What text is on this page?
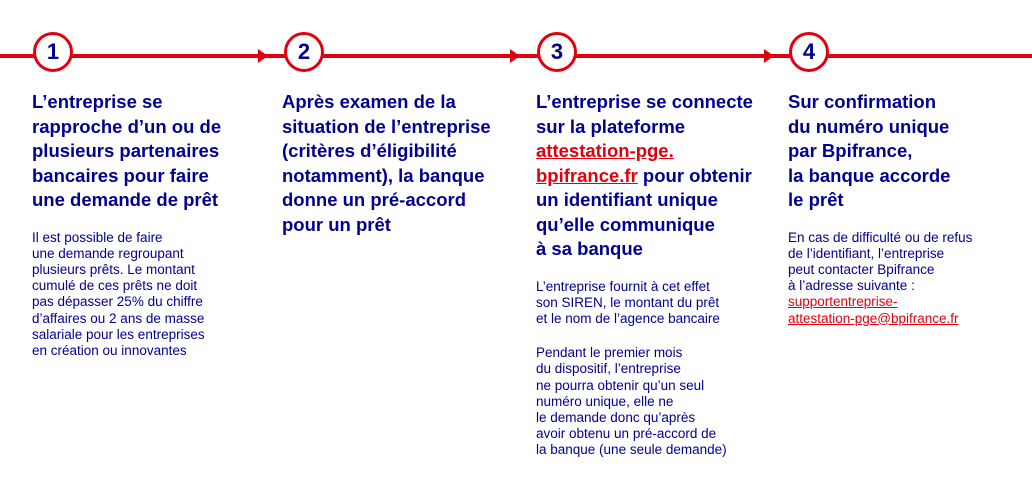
1	2	3	4
L’entreprise se
rapproche d’un ou de
plusieurs partenaires
bancaires pour faire
une demande de prêt
Il est possible de faire
une demande regroupant
plusieurs prêts. Le montant
cumulé de ces prêts ne doit
pas dépasser 25% du chiffre
d’affaires ou 2 ans de masse
salariale pour les entreprises
en création ou innovantes
Après examen de la
situation de l’entreprise
(critères d’éligibilité
notamment), la banque
donne un pré-accord
pour un prêt
L’entreprise se connecte
sur la plateforme
attestation-pge.
bpifrance.fr pour obtenir
un identifiant unique
qu’elle communique
à sa banque
L’entreprise fournit à cet effet
son SIREN, le montant du prêt
et le nom de l’agence bancaire
Pendant le premier mois
du dispositif, l’entreprise
ne pourra obtenir qu’un seul
numéro unique, elle ne
le demande donc qu’après
avoir obtenu un pré-accord de
la banque (une seule demande)
Sur confirmation
du numéro unique
par Bpifrance,
la banque accorde
le prêt
En cas de difficulté ou de refus
de l’identifiant, l’entreprise
peut contacter Bpifrance
à l’adresse suivante :
supportentreprise-
attestation-pge@bpifrance.fr
